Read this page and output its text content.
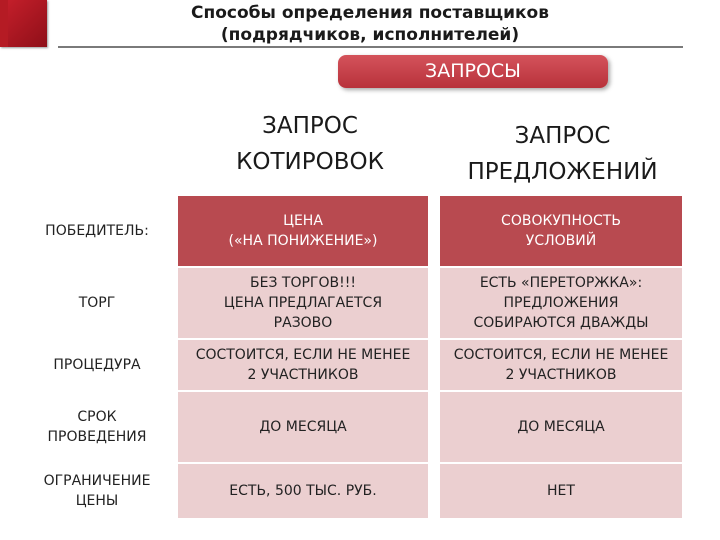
Способы определения поставщиков
(подрядчиков, исполнителей)
ЗАПРОСЫ
ЗАПРОС
КОТИРОВОК
ЗАПРОС
ПРЕДЛОЖЕНИЙ
ПОБЕДИТЕЛЬ:
ЦЕНА
(«НА ПОНИЖЕНИЕ»)
СОВОКУПНОСТЬ
УСЛОВИЙ
ТОРГ
БЕЗ ТОРГОВ!!!
ЦЕНА ПРЕДЛАГАЕТСЯ
РАЗОВО
ЕСТЬ «ПЕРЕТОРЖКА»:
ПРЕДЛОЖЕНИЯ
СОБИРАЮТСЯ ДВАЖДЫ
ПРОЦЕДУРА
СОСТОИТСЯ, ЕСЛИ НЕ МЕНЕЕ
2 УЧАСТНИКОВ
СОСТОИТСЯ, ЕСЛИ НЕ МЕНЕЕ
2 УЧАСТНИКОВ
СРОК
ПРОВЕДЕНИЯ
ДО МЕСЯЦА	ДО МЕСЯЦА
ОГРАНИЧЕНИЕ
ЦЕНЫ
ЕСТЬ, 500 ТЫС. РУБ.	НЕТ
